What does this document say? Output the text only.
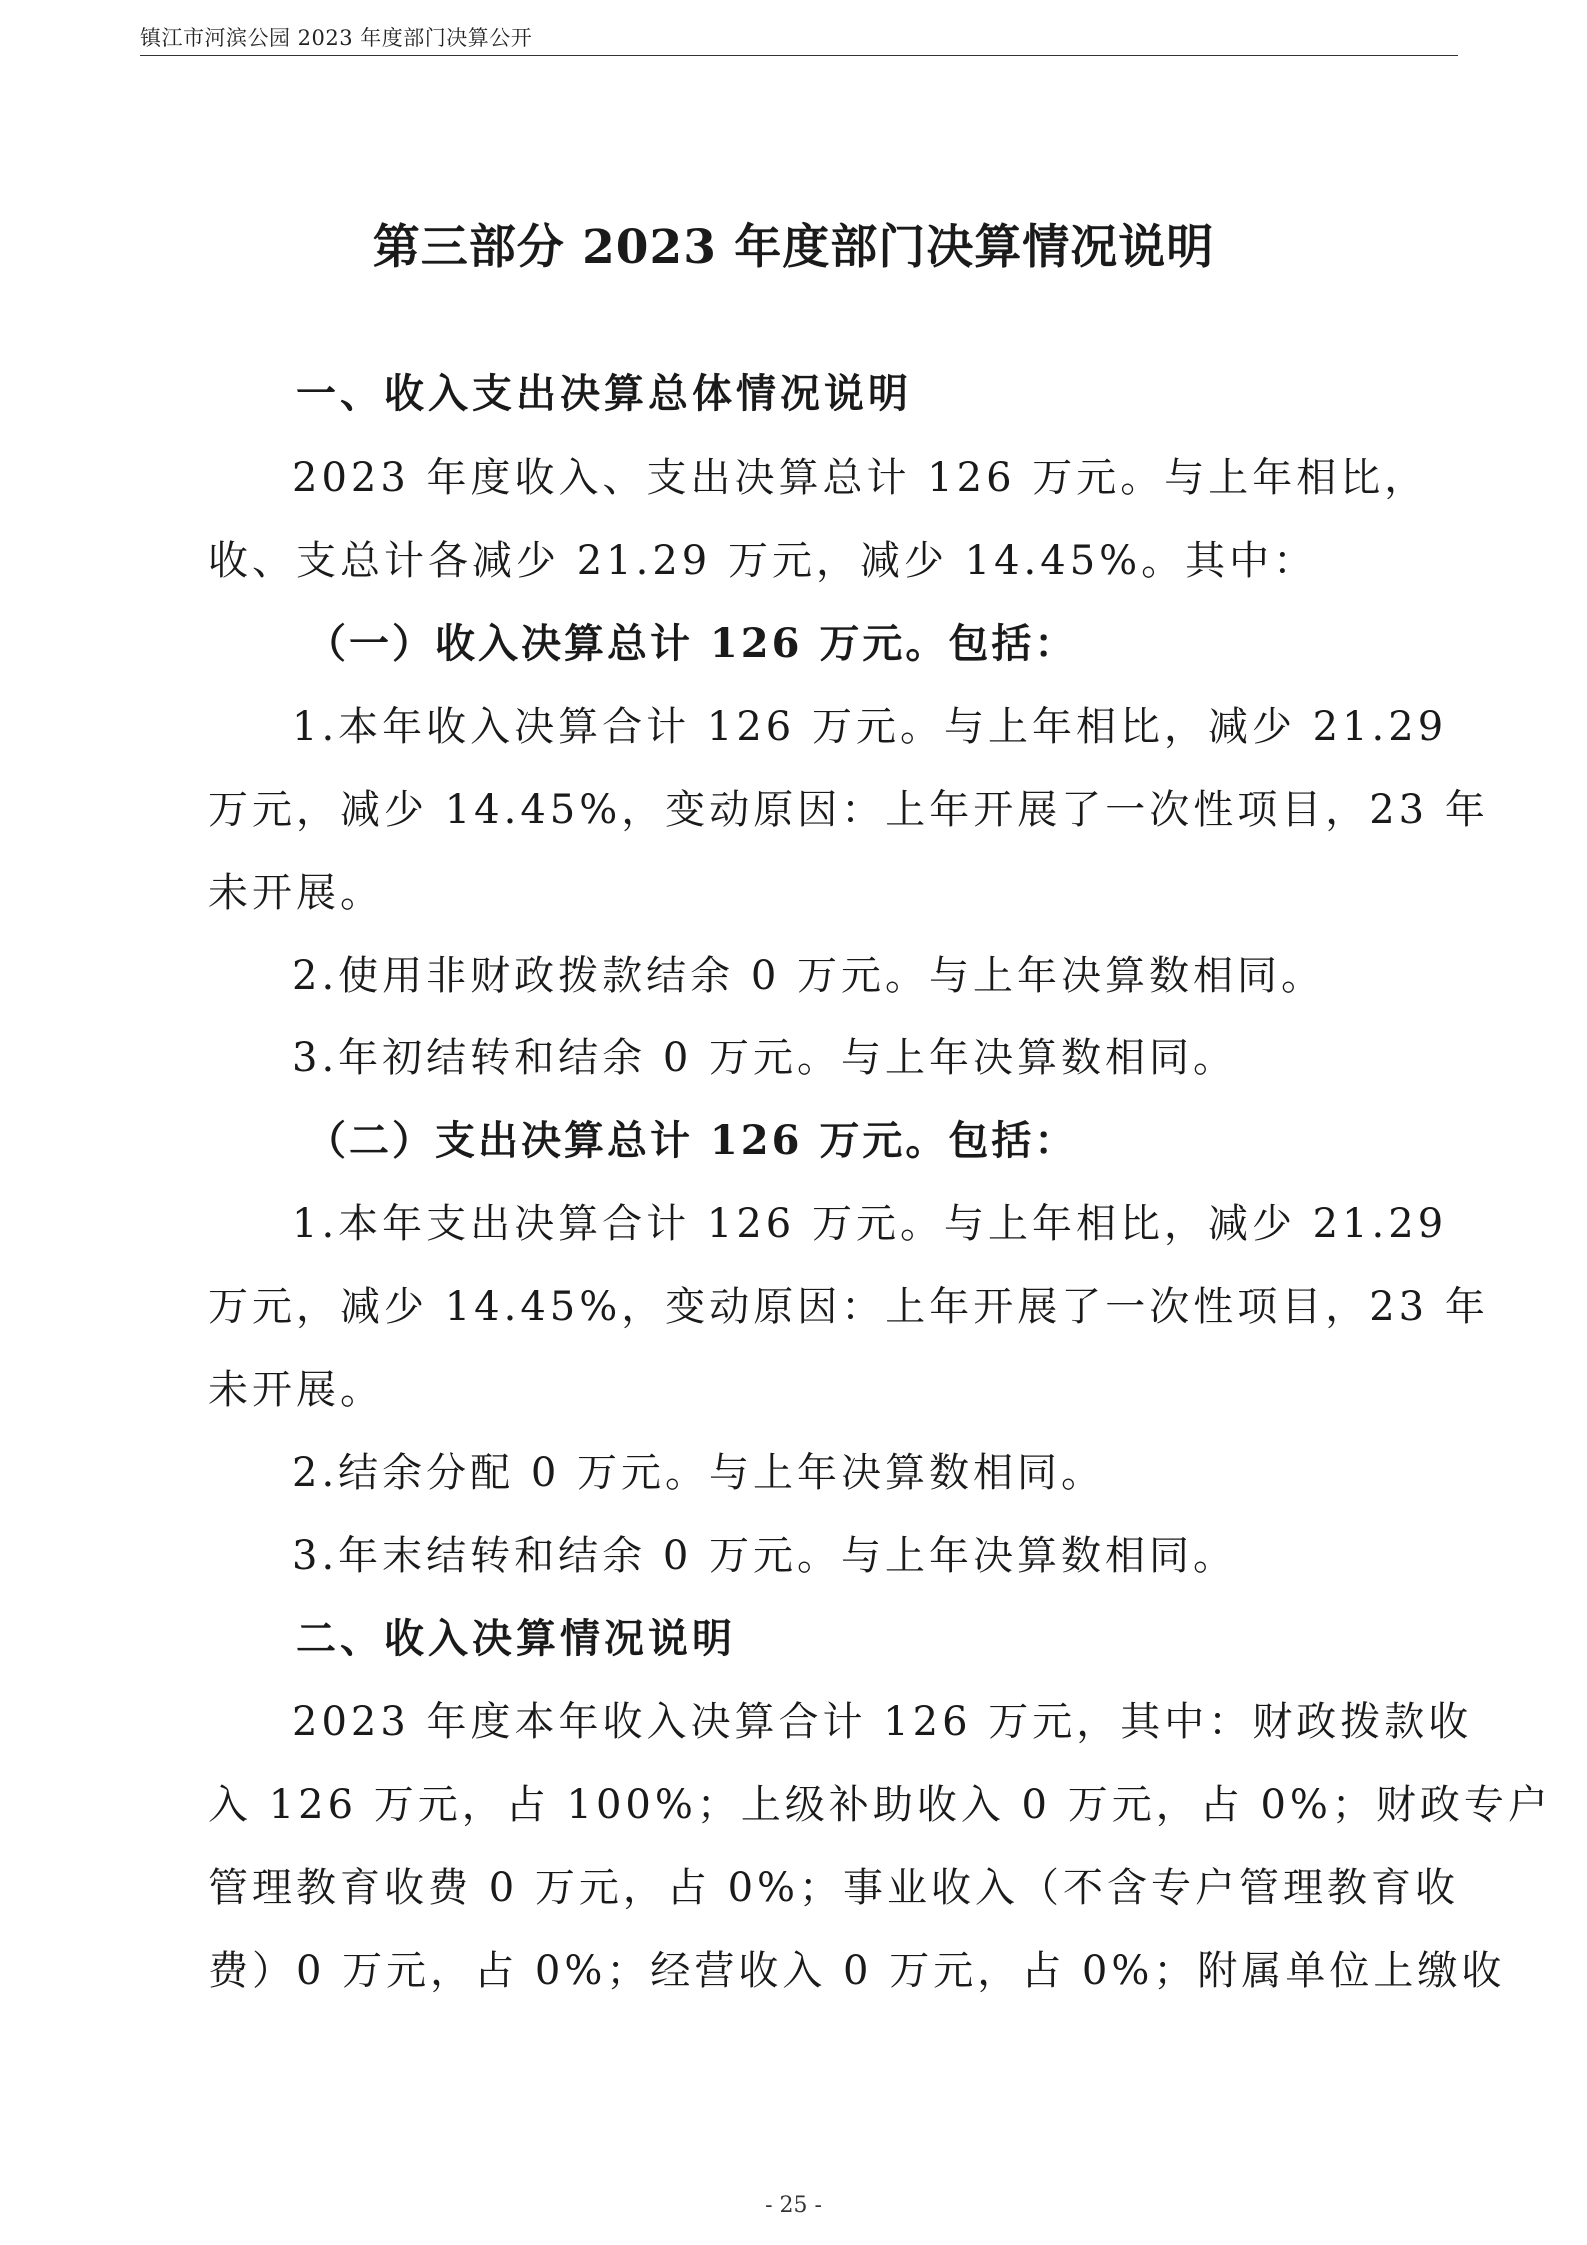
镇江市河滨公园 2023 年度部门决算公开
第三部分 2023 年度部门决算情况说明
一、收入支出决算总体情况说明
2023 年度收入、支出决算总计 126 万元。与上年相比，
收、支总计各减少 21.29 万元，减少 14.45%。其中：
（一）收入决算总计 126 万元。包括：
1.本年收入决算合计 126 万元。与上年相比，减少 21.29
万元，减少 14.45%，变动原因：上年开展了一次性项目，23 年
未开展。
2.使用非财政拨款结余 0 万元。与上年决算数相同。
3.年初结转和结余 0 万元。与上年决算数相同。
（二）支出决算总计 126 万元。包括：
1.本年支出决算合计 126 万元。与上年相比，减少 21.29
万元，减少 14.45%，变动原因：上年开展了一次性项目，23 年
未开展。
2.结余分配 0 万元。与上年决算数相同。
3.年末结转和结余 0 万元。与上年决算数相同。
二、收入决算情况说明
2023 年度本年收入决算合计 126 万元，其中：财政拨款收
入 126 万元，占 100%；上级补助收入 0 万元，占 0%；财政专户
管理教育收费 0 万元，占 0%；事业收入（不含专户管理教育收
费）0 万元，占 0%；经营收入 0 万元，占 0%；附属单位上缴收
- 25 -
